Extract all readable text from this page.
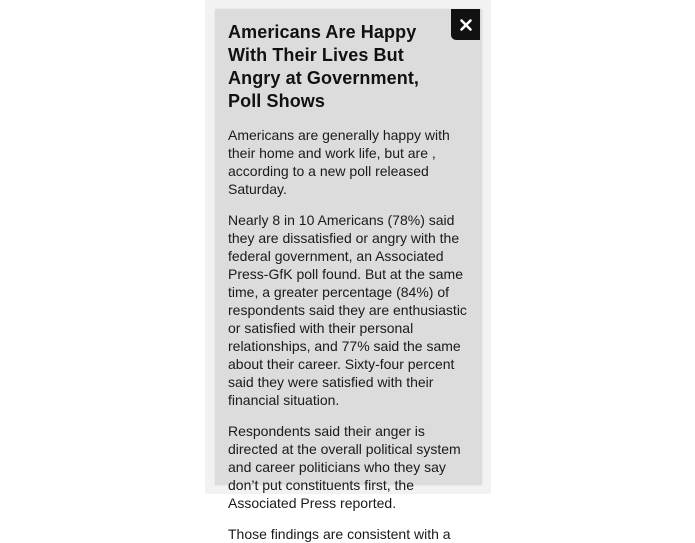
Americans Are Happy With Their Lives But Angry at Government, Poll Shows

Americans are generally happy with their home and work life, but are , according to a new poll released Saturday.

Nearly 8 in 10 Americans (78%) said they are dissatisfied or angry with the federal government, an Associated Press-GfK poll found. But at the same time, a greater percentage (84%) of respondents said they are enthusiastic or satisfied with their personal relationships, and 77% said the same about their career. Sixty-four percent said they were satisfied with their financial situation.

Respondents said their anger is directed at the overall political system and career politicians who they say don’t put constituents first, the Associated Press reported.

Those findings are consistent with a
